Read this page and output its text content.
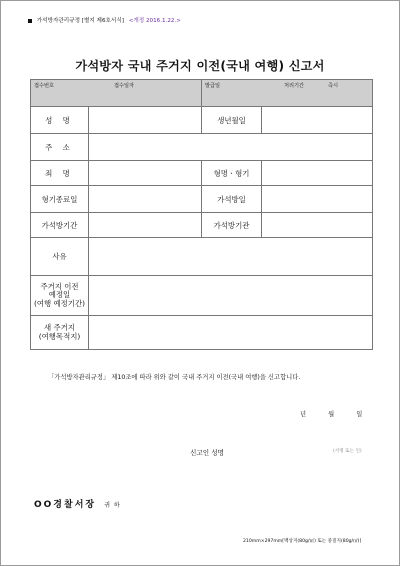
가석방자관리규정 [별지 제6호서식] <개정 2016.1.22.>
가석방자 국내 주거지 이전(국내 여행) 신고서
접수번호	접수일자
		발급일	처리기간	즉시

성 명		생년월일	
주 소	
죄 명		형명ㆍ형기	
형기종료일		가석방일	
가석방기간		가석방기관	
사유	

주거지 이전
예정일
(여행 예정기간)

새 주거지
(여행목적지)

「가석방자관리규정」 제10조에 따라 위와 같이 국내 주거지 이전(국내 여행)을 신고합니다.
년	월	일
신고인 성명	(서명 또는 인)
OO경찰서장 귀 하
210mm×297mm[백상지(80g/㎡) 또는 중질지(80g/㎡)]
